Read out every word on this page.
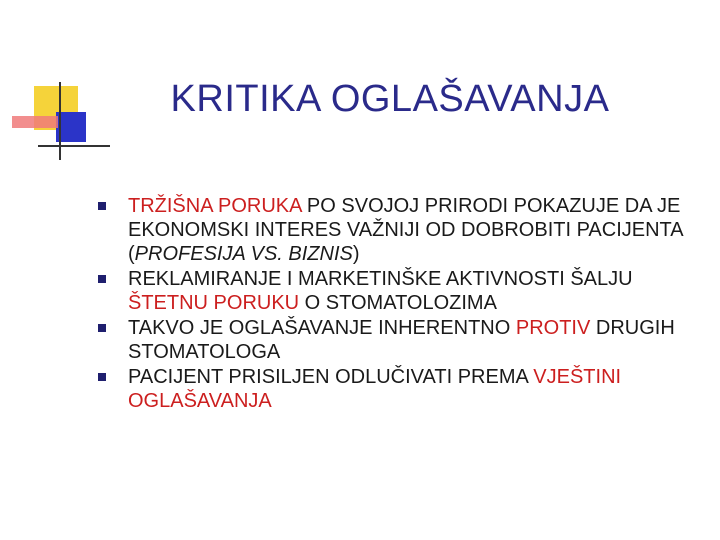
KRITIKA OGLAŠAVANJA
TRŽIŠNA PORUKA PO SVOJOJ PRIRODI POKAZUJE DA JE EKONOMSKI INTERES VAŽNIJI OD DOBROBITI PACIJENTA (PROFESIJA VS. BIZNIS)
REKLAMIRANJE I MARKETINŠKE AKTIVNOSTI ŠALJU ŠTETNU PORUKU O STOMATOLOZIMA
TAKVO JE OGLAŠAVANJE INHERENTNO PROTIV DRUGIH STOMATOLOGA
PACIJENT PRISILJEN ODLUČIVATI PREMA VJEŠTINI OGLAŠAVANJA
